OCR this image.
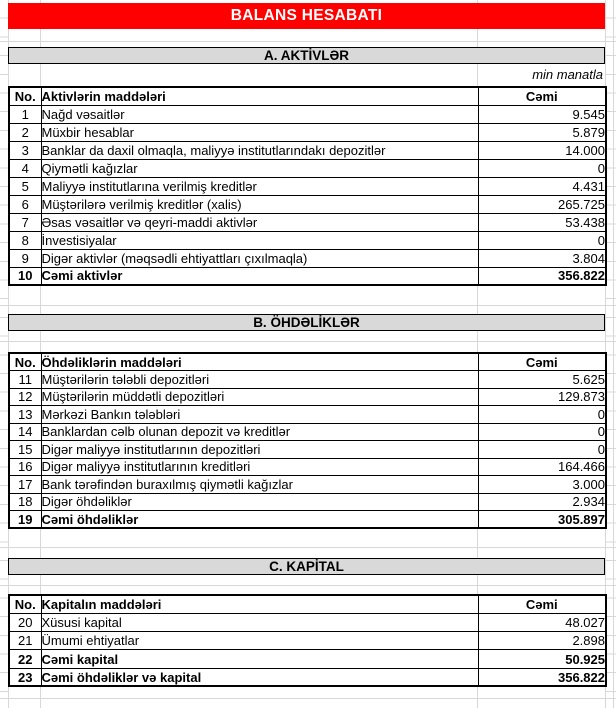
BALANS HESABATI
A. AKTİVLƏR
min manatla
No.	Aktivlərin maddələri	Cəmi
1	Nağd vəsaitlər	9.545
2	Müxbir hesablar	5.879
3	Banklar da daxil olmaqla, maliyyə institutlarındakı depozitlər	14.000
4	Qiymətli kağızlar	0
5	Maliyyə institutlarına verilmiş kreditlər	4.431
6	Müştərilərə verilmiş kreditlər (xalis)	265.725
7	Əsas vəsaitlər və qeyri-maddi aktivlər	53.438
8	İnvestisiyalar	0
9	Digər aktivlər (məqsədli ehtiyattları çıxılmaqla)	3.804
10	Cəmi aktivlər	356.822
B. ÖHDƏLİKLƏR
No.	Öhdəliklərin maddələri	Cəmi
11	Müştərilərin tələbli depozitləri	5.625
12	Müştərilərin müddətli depozitləri	129.873
13	Mərkəzi Bankın tələbləri	0
14	Banklardan cəlb olunan depozit və kreditlər	0
15	Digər maliyyə institutlarının depozitləri	0
16	Digər maliyyə institutlarının kreditləri	164.466
17	Bank tərəfindən buraxılmış qiymətli kağızlar	3.000
18	Digər öhdəliklər	2.934
19	Cəmi öhdəliklər	305.897
C. KAPİTAL
No.	Kapitalın maddələri	Cəmi
20	Xüsusi kapital	48.027
21	Ümumi ehtiyatlar	2.898
22	Cəmi kapital	50.925
23	Cəmi öhdəliklər və kapital	356.822
